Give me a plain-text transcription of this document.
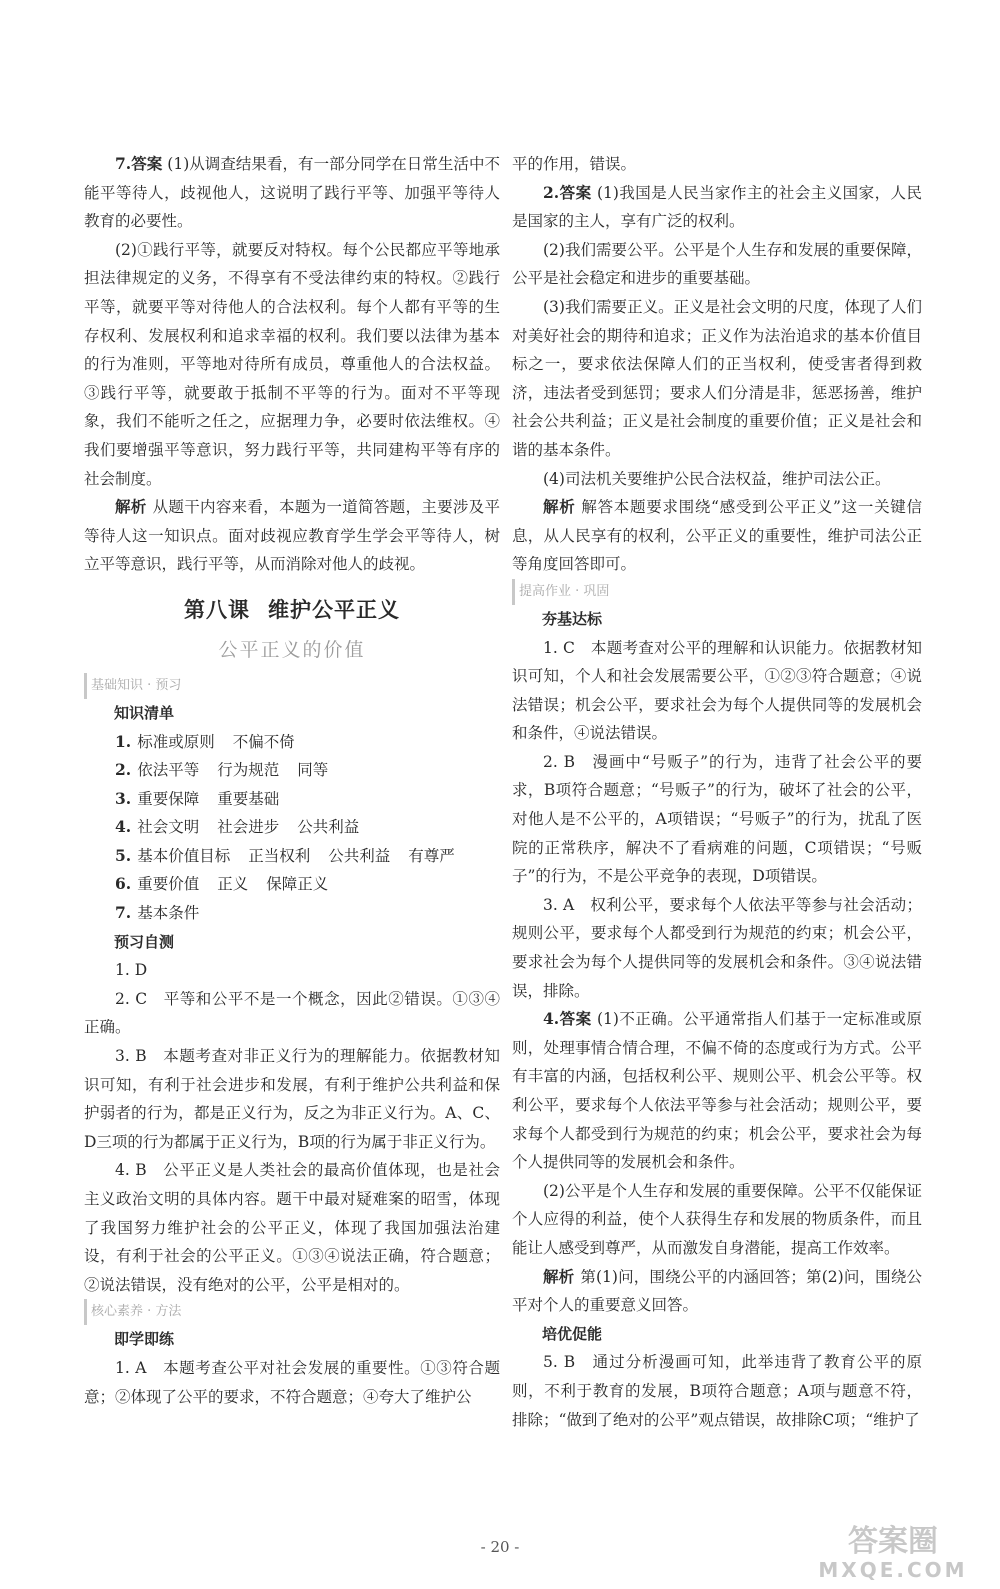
7.答案 (1)从调查结果看，有一部分同学在日常生活中不能平等待人，歧视他人，这说明了践行平等、加强平等待人教育的必要性。

(2)①践行平等，就要反对特权。每个公民都应平等地承担法律规定的义务，不得享有不受法律约束的特权。②践行平等，就要平等对待他人的合法权利。每个人都有平等的生存权利、发展权利和追求幸福的权利。我们要以法律为基本的行为准则，平等地对待所有成员，尊重他人的合法权益。③践行平等，就要敢于抵制不平等的行为。面对不平等现象，我们不能听之任之，应据理力争，必要时依法维权。④我们要增强平等意识，努力践行平等，共同建构平等有序的社会制度。

解析 从题干内容来看，本题为一道简答题，主要涉及平等待人这一知识点。面对歧视应教育学生学会平等待人，树立平等意识，践行平等，从而消除对他人的歧视。

第八课 维护公平正义
公平正义的价值

基础知识 · 预习

知识清单

1. 标准或原则 不偏不倚

2. 依法平等 行为规范 同等

3. 重要保障 重要基础

4. 社会文明 社会进步 公共利益

5. 基本价值目标 正当权利 公共利益 有尊严

6. 重要价值 正义 保障正义

7. 基本条件

预习自测

1. D

2. C　平等和公平不是一个概念，因此②错误。①③④正确。

3. B　本题考查对非正义行为的理解能力。依据教材知识可知，有利于社会进步和发展，有利于维护公共利益和保护弱者的行为，都是正义行为，反之为非正义行为。A、C、D三项的行为都属于正义行为，B项的行为属于非正义行为。

4. B　公平正义是人类社会的最高价值体现，也是社会主义政治文明的具体内容。题干中最对疑难案的昭雪，体现了我国努力维护社会的公平正义，体现了我国加强法治建设，有利于社会的公平正义。①③④说法正确，符合题意；②说法错误，没有绝对的公平，公平是相对的。

核心素养 · 方法

即学即练

1. A　本题考查公平对社会发展的重要性。①③符合题意；②体现了公平的要求，不符合题意；④夸大了维护公

平的作用，错误。

2.答案 (1)我国是人民当家作主的社会主义国家，人民是国家的主人，享有广泛的权利。

(2)我们需要公平。公平是个人生存和发展的重要保障，公平是社会稳定和进步的重要基础。

(3)我们需要正义。正义是社会文明的尺度，体现了人们对美好社会的期待和追求；正义作为法治追求的基本价值目标之一，要求依法保障人们的正当权利，使受害者得到救济，违法者受到惩罚；要求人们分清是非，惩恶扬善，维护社会公共利益；正义是社会制度的重要价值；正义是社会和谐的基本条件。

(4)司法机关要维护公民合法权益，维护司法公正。

解析 解答本题要求围绕“感受到公平正义”这一关键信息，从人民享有的权利，公平正义的重要性，维护司法公正等角度回答即可。

提高作业 · 巩固

夯基达标

1. C　本题考查对公平的理解和认识能力。依据教材知识可知，个人和社会发展需要公平，①②③符合题意；④说法错误；机会公平，要求社会为每个人提供同等的发展机会和条件，④说法错误。

2. B　漫画中“号贩子”的行为，违背了社会公平的要求，B项符合题意；“号贩子”的行为，破坏了社会的公平，对他人是不公平的，A项错误；“号贩子”的行为，扰乱了医院的正常秩序，解决不了看病难的问题，C项错误；“号贩子”的行为，不是公平竞争的表现，D项错误。

3. A　权利公平，要求每个人依法平等参与社会活动；规则公平，要求每个人都受到行为规范的约束；机会公平，要求社会为每个人提供同等的发展机会和条件。③④说法错误，排除。

4.答案 (1)不正确。公平通常指人们基于一定标准或原则，处理事情合情合理，不偏不倚的态度或行为方式。公平有丰富的内涵，包括权利公平、规则公平、机会公平等。权利公平，要求每个人依法平等参与社会活动；规则公平，要求每个人都受到行为规范的约束；机会公平，要求社会为每个人提供同等的发展机会和条件。

(2)公平是个人生存和发展的重要保障。公平不仅能保证个人应得的利益，使个人获得生存和发展的物质条件，而且能让人感受到尊严，从而激发自身潜能，提高工作效率。

解析 第(1)问，围绕公平的内涵回答；第(2)问，围绕公平对个人的重要意义回答。

培优促能

5. B　通过分析漫画可知，此举违背了教育公平的原则，不利于教育的发展，B项符合题意；A项与题意不符，排除；“做到了绝对的公平”观点错误，故排除C项；“维护了

- 20 -	答案圈
MXQE.COM
